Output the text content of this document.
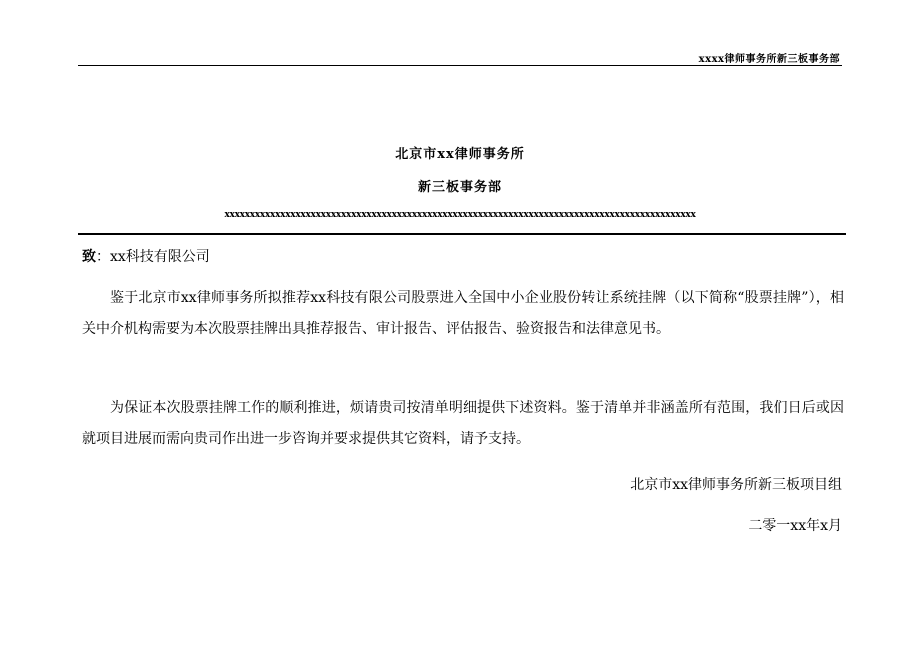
xxxx律师事务所新三板事务部
北京市xx律师事务所
新三板事务部
xxxxxxxxxxxxxxxxxxxxxxxxxxxxxxxxxxxxxxxxxxxxxxxxxxxxxxxxxxxxxxxxxxxxxxxxxxxxxxxxxxxxxxxxxxxxx
致：xx科技有限公司
鉴于北京市xx律师事务所拟推荐xx科技有限公司股票进入全国中小企业股份转让系统挂牌（以下简称“股票挂牌”），相关中介机构需要为本次股票挂牌出具推荐报告、审计报告、评估报告、验资报告和法律意见书。
为保证本次股票挂牌工作的顺利推进，烦请贵司按清单明细提供下述资料。鉴于清单并非涵盖所有范围，我们日后或因就项目进展而需向贵司作出进一步咨询并要求提供其它资料，请予支持。
北京市xx律师事务所新三板项目组
二零一xx年x月
